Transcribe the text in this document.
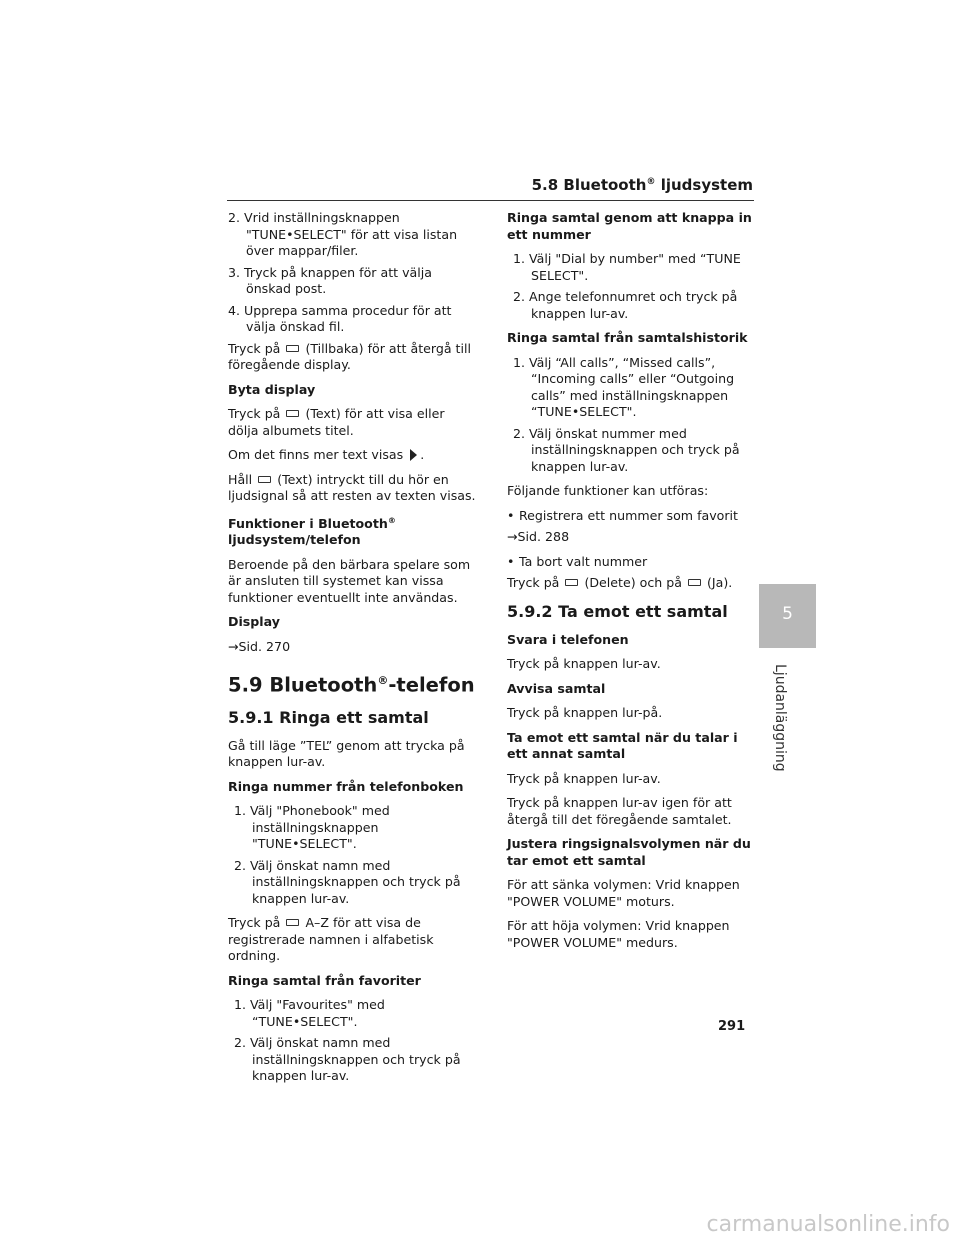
5.8 Bluetooth® ljudsystem
2. Vrid inställningsknappen "TUNE•SELECT" för att visa listan över mappar/filer.
3. Tryck på knappen för att välja önskad post.
4. Upprepa samma procedur för att välja önskad fil.

Tryck på (Tillbaka) för att återgå till föregående display.

Byta display

Tryck på (Text) för att visa eller dölja albumets titel.

Om det finns mer text visas .

Håll (Text) intryckt till du hör en ljudsignal så att resten av texten visas.

Funktioner i Bluetooth®
ljudsystem/telefon

Beroende på den bärbara spelare som är ansluten till systemet kan vissa funktioner eventuellt inte användas.

Display

→Sid. 270

5.9 Bluetooth®-telefon
5.9.1 Ringa ett samtal

Gå till läge ”TEL” genom att trycka på knappen lur-av.

Ringa nummer från telefonboken

1. Välj "Phonebook" med inställningsknappen "TUNE•SELECT".
2. Välj önskat namn med inställningsknappen och tryck på knappen lur-av.

Tryck på A–Z för att visa de registrerade namnen i alfabetisk ordning.

Ringa samtal från favoriter

1. Välj "Favourites" med “TUNE•SELECT".
2. Välj önskat namn med inställningsknappen och tryck på knappen lur-av.

Ringa samtal genom att knappa in ett nummer

1. Välj "Dial by number" med “TUNE SELECT".
2. Ange telefonnumret och tryck på knappen lur-av.

Ringa samtal från samtalshistorik

1. Välj “All calls”, “Missed calls”, “Incoming calls” eller “Outgoing calls” med inställningsknappen “TUNE•SELECT".
2. Välj önskat nummer med inställningsknappen och tryck på knappen lur-av.

Följande funktioner kan utföras:

• Registrera ett nummer som favorit

→Sid. 288

• Ta bort valt nummer

Tryck på (Delete) och på (Ja).

5.9.2 Ta emot ett samtal

Svara i telefonen

Tryck på knappen lur-av.

Avvisa samtal

Tryck på knappen lur-på.

Ta emot ett samtal när du talar i ett annat samtal

Tryck på knappen lur-av.

Tryck på knappen lur-av igen för att återgå till det föregående samtalet.

Justera ringsignalsvolymen när du tar emot ett samtal

För att sänka volymen: Vrid knappen "POWER VOLUME" moturs.

För att höja volymen: Vrid knappen "POWER VOLUME" medurs.

5
Ljudanläggning
291
carmanualsonline.info
